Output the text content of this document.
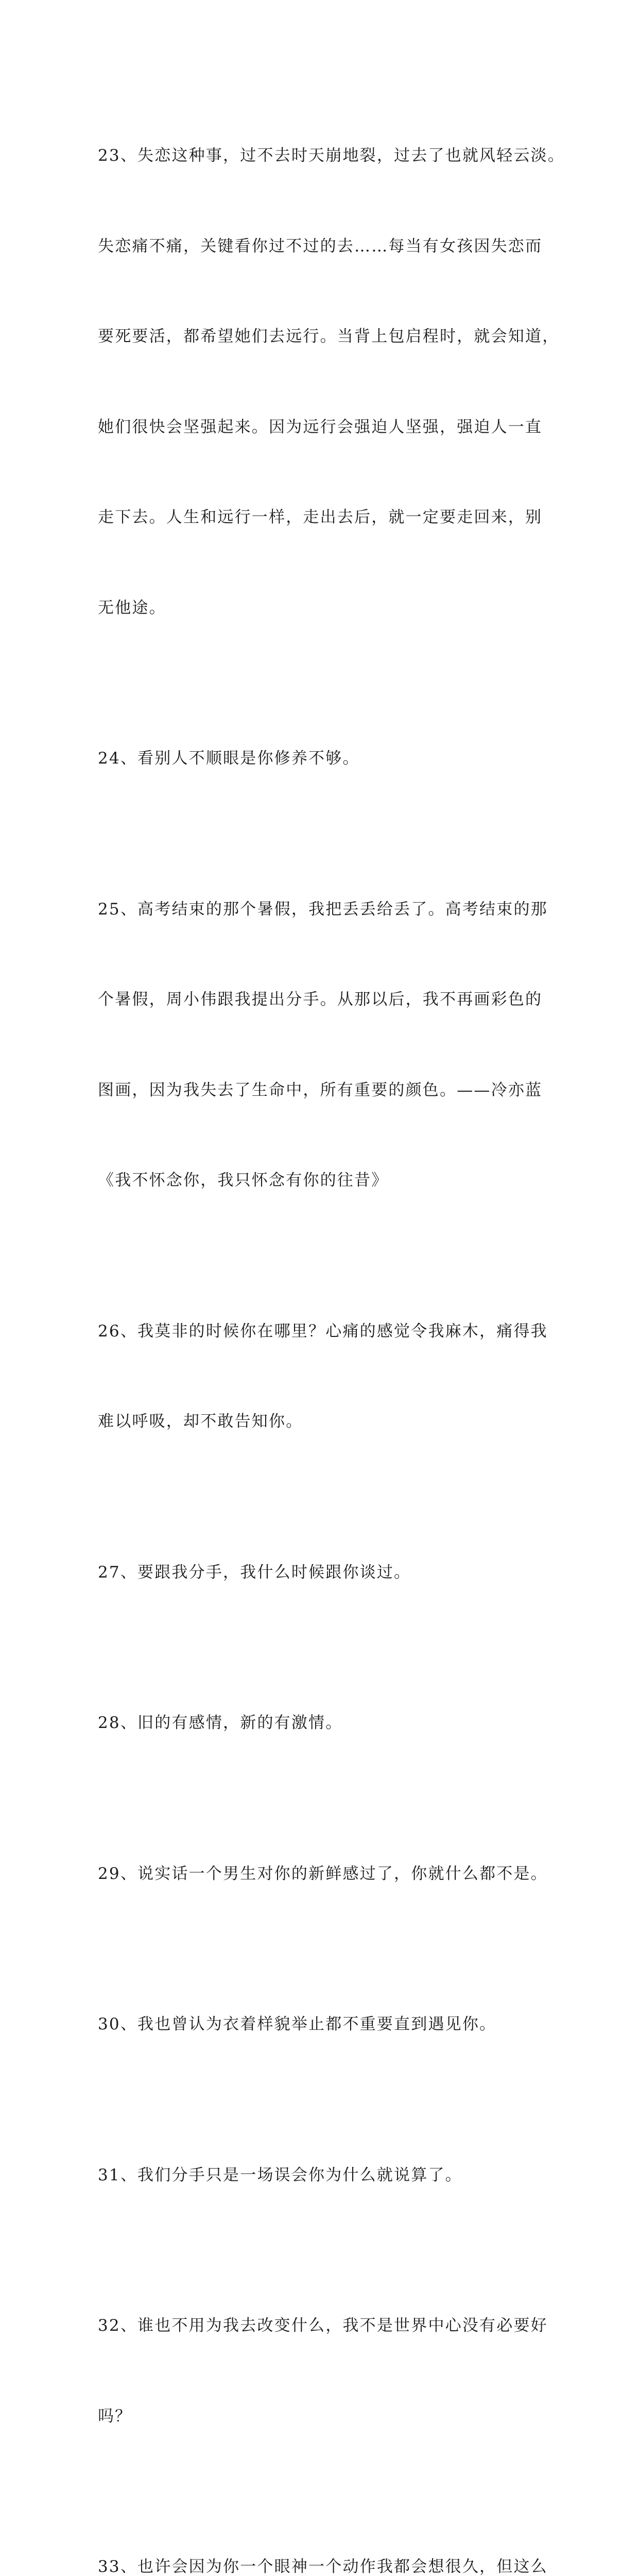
23、失恋这种事，过不去时天崩地裂，过去了也就风轻云淡。

失恋痛不痛，关键看你过不过的去……每当有女孩因失恋而

要死要活，都希望她们去远行。当背上包启程时，就会知道，

她们很快会坚强起来。因为远行会强迫人坚强，强迫人一直

走下去。人生和远行一样，走出去后，就一定要走回来，别

无他途。

24、看别人不顺眼是你修养不够。

25、高考结束的那个暑假，我把丢丢给丢了。高考结束的那

个暑假，周小伟跟我提出分手。从那以后，我不再画彩色的

图画，因为我失去了生命中，所有重要的颜色。——冷亦蓝

《我不怀念你，我只怀念有你的往昔》

26、我莫非的时候你在哪里？心痛的感觉令我麻木，痛得我

难以呼吸，却不敢告知你。

27、要跟我分手，我什么时候跟你谈过。

28、旧的有感情，新的有激情。

29、说实话一个男生对你的新鲜感过了，你就什么都不是。

30、我也曾认为衣着样貌举止都不重要直到遇见你。

31、我们分手只是一场误会你为什么就说算了。

32、谁也不用为我去改变什么，我不是世界中心没有必要好

吗？

33、也许会因为你一个眼神一个动作我都会想很久，但这么
